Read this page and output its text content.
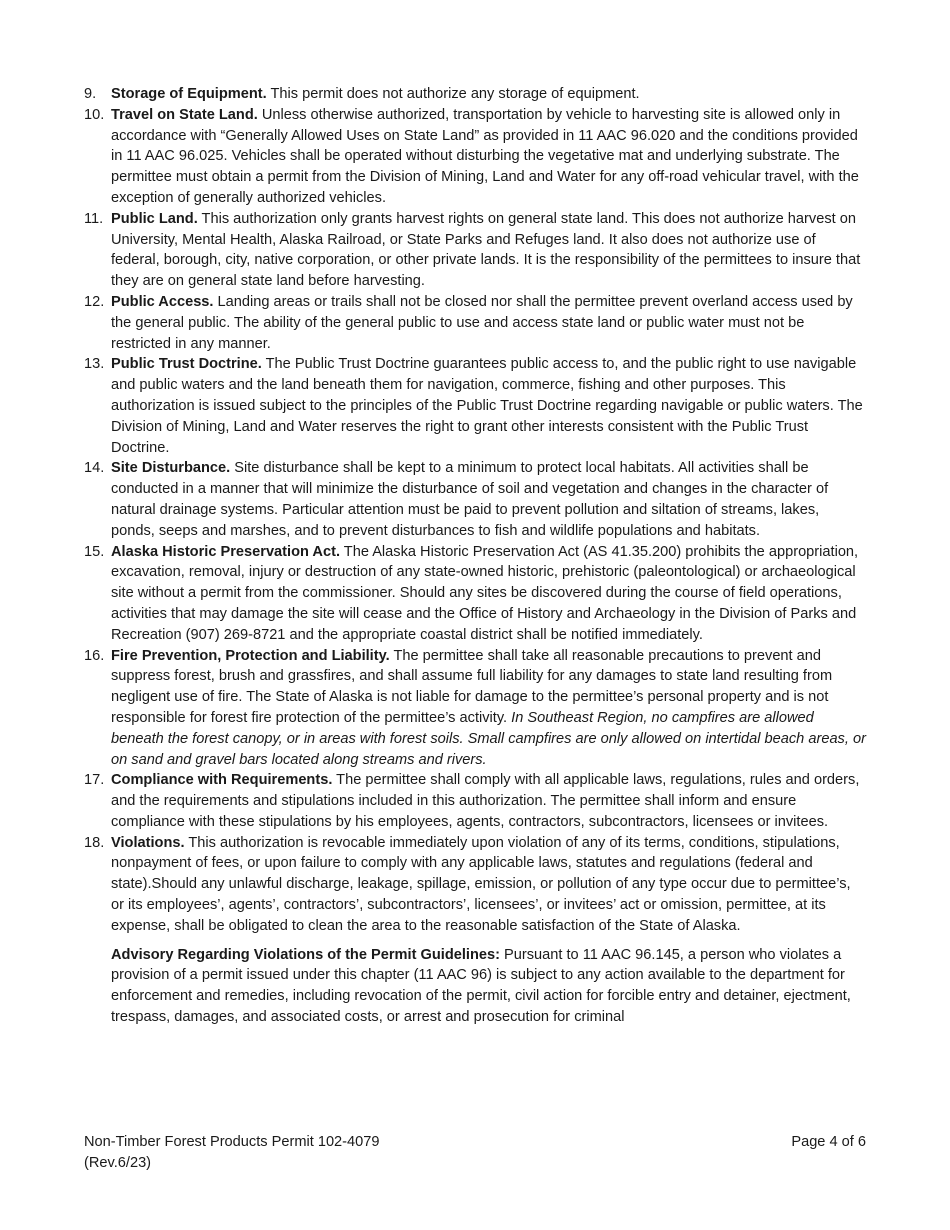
9.	Storage of Equipment. This permit does not authorize any storage of equipment.
10. Travel on State Land. Unless otherwise authorized, transportation by vehicle to harvesting site is allowed only in accordance with “Generally Allowed Uses on State Land” as provided in 11 AAC 96.020 and the conditions provided in 11 AAC 96.025. Vehicles shall be operated without disturbing the vegetative mat and underlying substrate. The permittee must obtain a permit from the Division of Mining, Land and Water for any off-road vehicular travel, with the exception of generally authorized vehicles.
11. Public Land. This authorization only grants harvest rights on general state land. This does not authorize harvest on University, Mental Health, Alaska Railroad, or State Parks and Refuges land. It also does not authorize use of federal, borough, city, native corporation, or other private lands. It is the responsibility of the permittees to insure that they are on general state land before harvesting.
12. Public Access. Landing areas or trails shall not be closed nor shall the permittee prevent overland access used by the general public. The ability of the general public to use and access state land or public water must not be restricted in any manner.
13. Public Trust Doctrine. The Public Trust Doctrine guarantees public access to, and the public right to use navigable and public waters and the land beneath them for navigation, commerce, fishing and other purposes. This authorization is issued subject to the principles of the Public Trust Doctrine regarding navigable or public waters. The Division of Mining, Land and Water reserves the right to grant other interests consistent with the Public Trust Doctrine.
14. Site Disturbance. Site disturbance shall be kept to a minimum to protect local habitats. All activities shall be conducted in a manner that will minimize the disturbance of soil and vegetation and changes in the character of natural drainage systems. Particular attention must be paid to prevent pollution and siltation of streams, lakes, ponds, seeps and marshes, and to prevent disturbances to fish and wildlife populations and habitats.
15. Alaska Historic Preservation Act. The Alaska Historic Preservation Act (AS 41.35.200) prohibits the appropriation, excavation, removal, injury or destruction of any state-owned historic, prehistoric (paleontological) or archaeological site without a permit from the commissioner. Should any sites be discovered during the course of field operations, activities that may damage the site will cease and the Office of History and Archaeology in the Division of Parks and Recreation (907) 269-8721 and the appropriate coastal district shall be notified immediately.
16. Fire Prevention, Protection and Liability. The permittee shall take all reasonable precautions to prevent and suppress forest, brush and grassfires, and shall assume full liability for any damages to state land resulting from negligent use of fire. The State of Alaska is not liable for damage to the permittee’s personal property and is not responsible for forest fire protection of the permittee’s activity. In Southeast Region, no campfires are allowed beneath the forest canopy, or in areas with forest soils. Small campfires are only allowed on intertidal beach areas, or on sand and gravel bars located along streams and rivers.
17. Compliance with Requirements. The permittee shall comply with all applicable laws, regulations, rules and orders, and the requirements and stipulations included in this authorization. The permittee shall inform and ensure compliance with these stipulations by his employees, agents, contractors, subcontractors, licensees or invitees.
18. Violations. This authorization is revocable immediately upon violation of any of its terms, conditions, stipulations, nonpayment of fees, or upon failure to comply with any applicable laws, statutes and regulations (federal and state).Should any unlawful discharge, leakage, spillage, emission, or pollution of any type occur due to permittee’s, or its employees’, agents’, contractors’, subcontractors’, licensees’, or invitees’ act or omission, permittee, at its expense, shall be obligated to clean the area to the reasonable satisfaction of the State of Alaska.
Advisory Regarding Violations of the Permit Guidelines: Pursuant to 11 AAC 96.145, a person who violates a provision of a permit issued under this chapter (11 AAC 96) is subject to any action available to the department for enforcement and remedies, including revocation of the permit, civil action for forcible entry and detainer, ejectment, trespass, damages, and associated costs, or arrest and prosecution for criminal
Non-Timber Forest Products Permit 102-4079	Page 4 of 6
(Rev.6/23)
